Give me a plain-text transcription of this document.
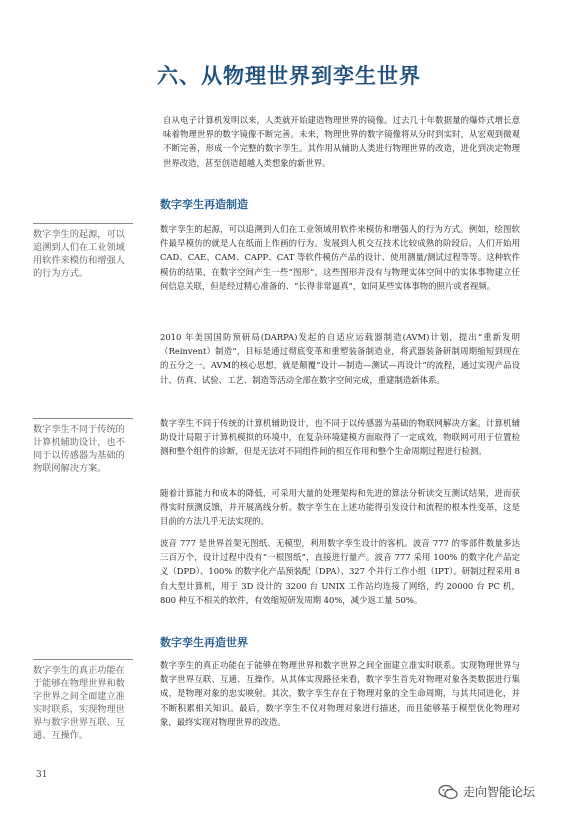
六、从物理世界到孪生世界

自从电子计算机发明以来，人类就开始建造物理世界的镜像。过去几十年数据量的爆炸式增长意味着物理世界的数字镜像不断完善。未来，物理世界的数字镜像将从分时到实时，从宏观到微观不断完善，形成一个完整的数字孪生。其作用从辅助人类进行物理世界的改造，进化到决定物理世界改造，甚至创造超越人类想象的新世界。

数字孪生再造制造

数字孪生的起源，可以追溯到人们在工业领域用软件来模仿和增强人的行为方式。例如，绘图软件最早模仿的就是人在纸面上作画的行为。发展到人机交互技术比较成熟的阶段后，人们开始用 CAD、CAE、CAM、CAPP、CAT 等软件模仿产品的设计、使用测量/测试过程等等。这种软件模仿的结果，在数字空间产生一些“图形”，这些图形并没有与物理实体空间中的实体事物建立任何信息关联，但是经过精心准备的、“长得非常逼真”，如同某些实体事物的照片或者视频。

2010 年美国国防预研局(DARPA)发起的自适应运载器制造(AVM)计划，提出“重新发明（Reinvent）制造”，目标是通过彻底变革和重塑装备制造业，将武器装备研制周期缩短到现在的五分之一。AVM的核心思想，就是颠覆“设计—制造—测试—再设计”的流程，通过实现产品设计、仿真、试验、工艺、制造等活动全部在数字空间完成，重建制造新体系。

数字孪生不同于传统的计算机辅助设计，也不同于以传感器为基础的物联网解决方案。计算机辅助设计局限于计算机模拟的环境中，在复杂环境建模方面取得了一定成效，物联网可用于位置检测和整个组件的诊断，但是无法对不同组件间的相互作用和整个生命周期过程进行检测。

随着计算能力和成本的降低，可采用大量的处理架构和先进的算法分析读交互测试结果，进而获得实时预测反馈，并开展离线分析。数字孪生在上述功能得引发设计和流程的根本性变革，这是目前的方法几乎无法实现的。

波音 777 是世界首架无图纸、无模型，利用数字孪生设计的客机。波音 777 的零部件数量多达三百万个，设计过程中没有“一根图纸”，直接进行量产。波音 777 采用 100% 的数字化产品定义（DPD）、100% 的数字化产品预装配（DPA）、327 个并行工作小组（IPT）。研制过程采用 8 台大型计算机，用于 3D 设计的 3200 台 UNIX 工作站均连接了网络，约 20000 台 PC 机，800 种互不相关的软件，有效缩短研发周期 40%，减少返工量 50%。

数字孪生再造世界

数字孪生的真正功能在于能够在物理世界和数字世界之间全面建立准实时联系。实现物理世界与数字世界互联、互通、互操作。从其体实现路径来看，数字孪生首先对物理对象各类数据进行集成，是物理对象的忠实映射。其次，数字孪生存在于物理对象的全生命周期，与其共同进化，并不断积累相关知识。最后，数字孪生不仅对物理对象进行描述，而且能够基于模型优化物理对象，最终实现对物理世界的改造。

数字孪生的起源，可以追溯到人们在工业领域用软件来模仿和增强人的行为方式。
数字孪生不同于传统的计算机辅助设计，也不同于以传感器为基础的物联网解决方案。
数字孪生的真正功能在于能够在物理世界和数字世界之间全面建立准实时联系，实现物理世界与数字世界互联、互通、互操作。
31
走向智能论坛
